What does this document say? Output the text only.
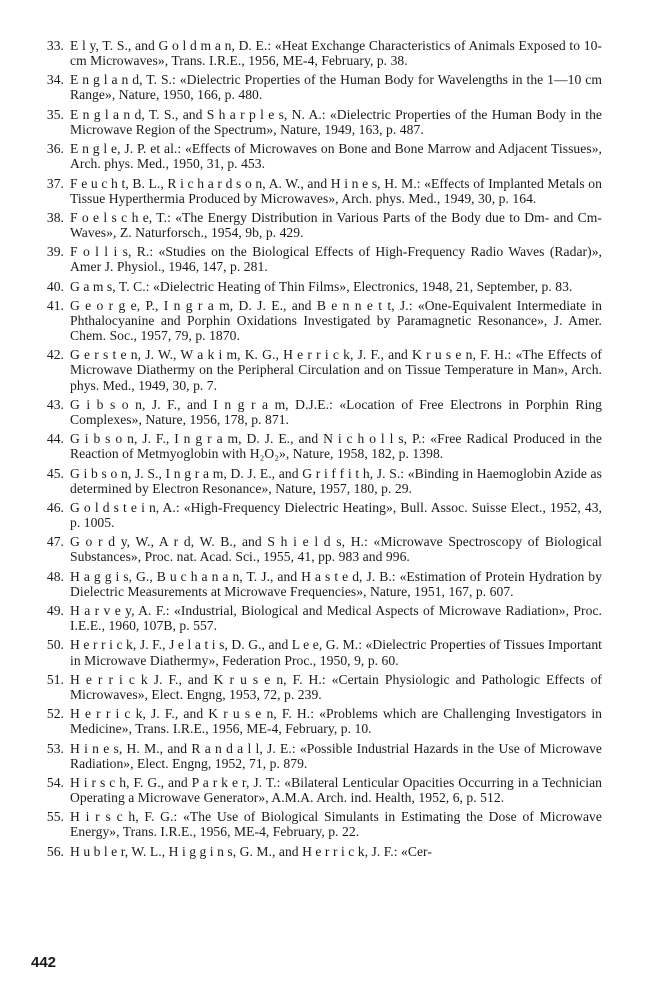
33. E l y, T. S., and G o l d m a n, D. E.: «Heat Exchange Characteristics of Animals Exposed to 10-cm Microwaves», Trans. I.R.E., 1956, ME-4, February, p. 38.
34. E n g l a n d, T. S.: «Dielectric Properties of the Human Body for Wavelengths in the 1—10 cm Range», Nature, 1950, 166, p. 480.
35. E n g l a n d, T. S., and S h a r p l e s, N. A.: «Dielectric Properties of the Human Body in the Microwave Region of the Spectrum», Nature, 1949, 163, p. 487.
36. E n g l e, J. P. et al.: «Effects of Microwaves on Bone and Bone Marrow and Adjacent Tissues», Arch. phys. Med., 1950, 31, p. 453.
37. F e u c h t, B. L., R i c h a r d s o n, A. W., and H i n e s, H. M.: «Effects of Implanted Metals on Tissue Hyperthermia Produced by Microwaves», Arch. phys. Med., 1949, 30, p. 164.
38. F o e l s c h e, T.: «The Energy Distribution in Various Parts of the Body due to Dm- and Cm-Waves», Z. Naturforsch., 1954, 9b, p. 429.
39. F o l l i s, R.: «Studies on the Biological Effects of High-Frequency Radio Waves (Radar)», Amer J. Physiol., 1946, 147, p. 281.
40. G a m s, T. C.: «Dielectric Heating of Thin Films», Electronics, 1948, 21, September, p. 83.
41. G e o r g e, P., I n g r a m, D. J. E., and B e n n e t t, J.: «One-Equivalent Intermediate in Phthalocyanine and Porphin Oxidations Investigated by Paramagnetic Resonance», J. Amer. Chem. Soc., 1957, 79, p. 1870.
42. G e r s t e n, J. W., W a k i m, K. G., H e r r i c k, J. F., and K r u s e n, F. H.: «The Effects of Microwave Diathermy on the Peripheral Circulation and on Tissue Temperature in Man», Arch. phys. Med., 1949, 30, p. 7.
43. G i b s o n, J. F., and I n g r a m, D.J.E.: «Location of Free Electrons in Porphin Ring Complexes», Nature, 1956, 178, p. 871.
44. G i b s o n, J. F., I n g r a m, D. J. E., and N i c h o l l s, P.: «Free Radical Produced in the Reaction of Metmyoglobin with H₂O₂», Nature, 1958, 182, p. 1398.
45. G i b s o n, J. S., I n g r a m, D. J. E., and G r i f f i t h, J. S.: «Binding in Haemoglobin Azide as determined by Electron Resonance», Nature, 1957, 180, p. 29.
46. G o l d s t e i n, A.: «High-Frequency Dielectric Heating», Bull. Assoc. Suisse Elect., 1952, 43, p. 1005.
47. G o r d y, W., A r d, W. B., and S h i e l d s, H.: «Microwave Spectroscopy of Biological Substances», Proc. nat. Acad. Sci., 1955, 41, pp. 983 and 996.
48. H a g g i s, G., B u c h a n a n, T. J., and H a s t e d, J. B.: «Estimation of Protein Hydration by Dielectric Measurements at Microwave Frequencies», Nature, 1951, 167, p. 607.
49. H a r v e y, A. F.: «Industrial, Biological and Medical Aspects of Microwave Radiation», Proc. I.E.E., 1960, 107B, p. 557.
50. H e r r i c k, J. F., J e l a t i s, D. G., and L e e, G. M.: «Dielectric Properties of Tissues Important in Microwave Diathermy», Federation Proc., 1950, 9, p. 60.
51. H e r r i c k J. F., and K r u s e n, F. H.: «Certain Physiologic and Pathologic Effects of Microwaves», Elect. Engng, 1953, 72, p. 239.
52. H e r r i c k, J. F., and K r u s e n, F. H.: «Problems which are Challenging Investigators in Medicine», Trans. I.R.E., 1956, ME-4, February, p. 10.
53. H i n e s, H. M., and R a n d a l l, J. E.: «Possible Industrial Hazards in the Use of Microwave Radiation», Elect. Engng, 1952, 71, p. 879.
54. H i r s c h, F. G., and P a r k e r, J. T.: «Bilateral Lenticular Opacities Occurring in a Technician Operating a Microwave Generator», A.M.A. Arch. ind. Health, 1952, 6, p. 512.
55. H i r s c h, F. G.: «The Use of Biological Simulants in Estimating the Dose of Microwave Energy», Trans. I.R.E., 1956, ME-4, February, p. 22.
56. H u b l e r, W. L., H i g g i n s, G. M., and H e r r i c k, J. F.: «Cer-
442
